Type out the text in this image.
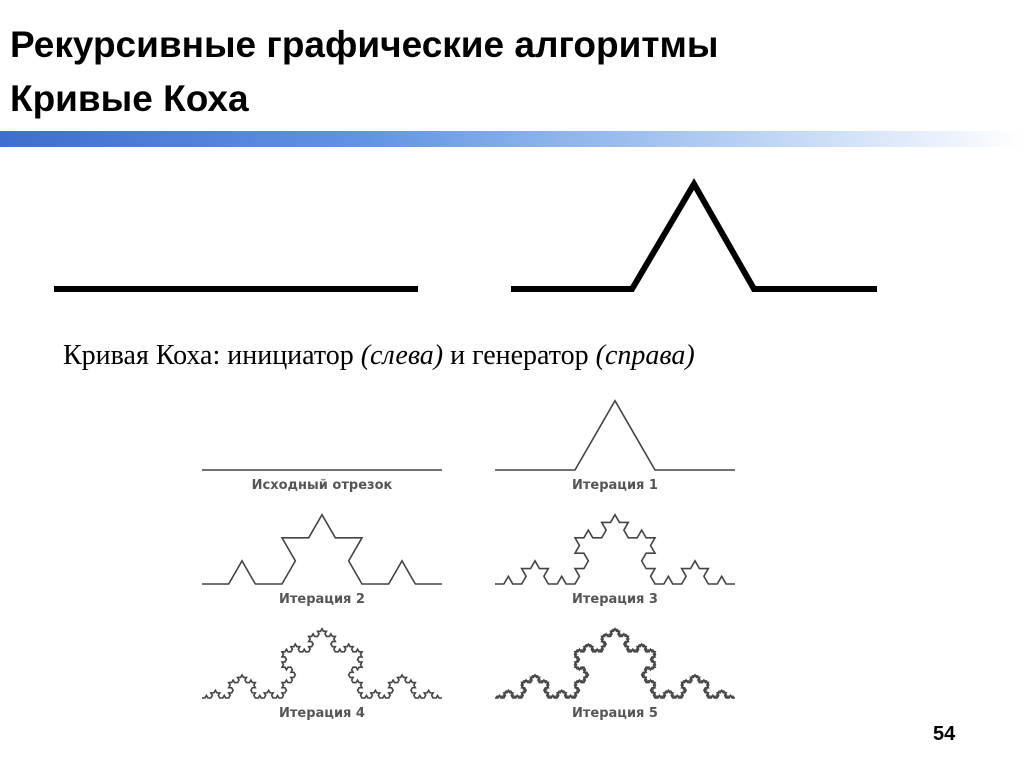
Рекурсивные графические алгоритмы
Кривые Коха
Кривая Коха: инициатор (слева) и генератор (справа)
Исходный отрезок	Итерация 1
Итерация 2	Итерация 3
Итерация 4	Итерация 5
54
